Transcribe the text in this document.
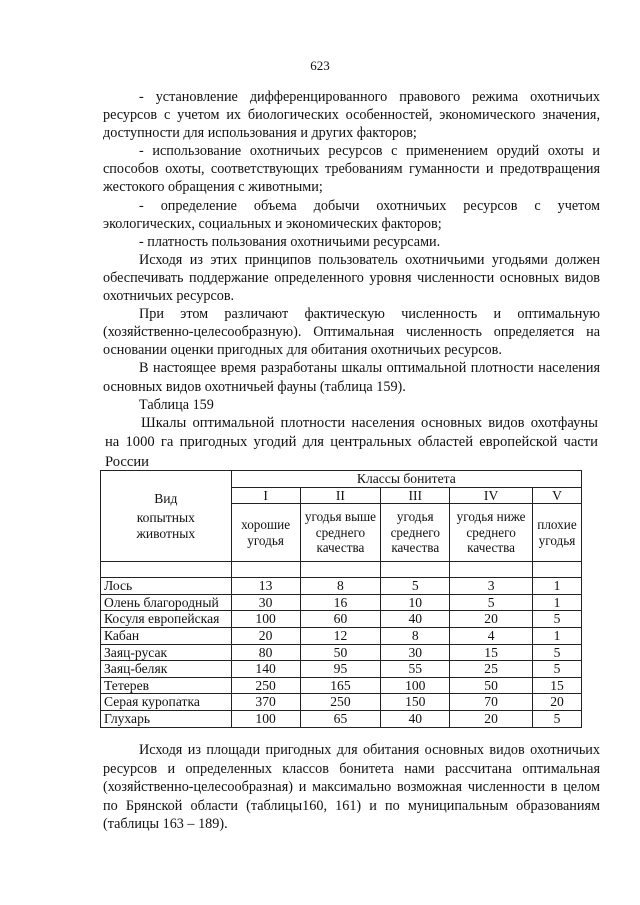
623

- установление дифференцированного правового режима охотничьих ресурсов с учетом их биологических особенностей, экономического значения, доступности для использования и других факторов;

- использование охотничьих ресурсов с применением орудий охоты и способов охоты, соответствующих требованиям гуманности и предотвращения жестокого обращения с животными;

- определение объема добычи охотничьих ресурсов с учетом экологических, социальных и экономических факторов;

- платность пользования охотничьими ресурсами.

Исходя из этих принципов пользователь охотничьими угодьями должен обеспечивать поддержание определенного уровня численности основных видов охотничьих ресурсов.

При этом различают фактическую численность и оптимальную (хозяйственно-целесообразную). Оптимальная численность определяется на основании оценки пригодных для обитания охотничьих ресурсов.

В настоящее время разработаны шкалы оптимальной плотности населения основных видов охотничьей фауны (таблица 159).

Таблица 159

Шкалы оптимальной плотности населения основных видов охотфауны на 1000 га пригодных угодий для центральных областей европейской части России

Вид
копытных животных	Классы бонитета				
	I	II	III	IV	V
	хорошие угодья	угодья выше среднего качества	угодья среднего качества	угодья ниже среднего качества	плохие угодья

Лось	13	8	5	3	1
Олень благородный	30	16	10	5	1
Косуля европейская	100	60	40	20	5
Кабан	20	12	8	4	1
Заяц-русак	80	50	30	15	5
Заяц-беляк	140	95	55	25	5
Тетерев	250	165	100	50	15
Серая куропатка	370	250	150	70	20
Глухарь	100	65	40	20	5

Исходя из площади пригодных для обитания основных видов охотничьих ресурсов и определенных классов бонитета нами рассчитана оптимальная (хозяйственно-целесообразная) и максимально возможная численности в целом по Брянской области (таблицы160, 161) и по муниципальным образованиям (таблицы 163 – 189).
